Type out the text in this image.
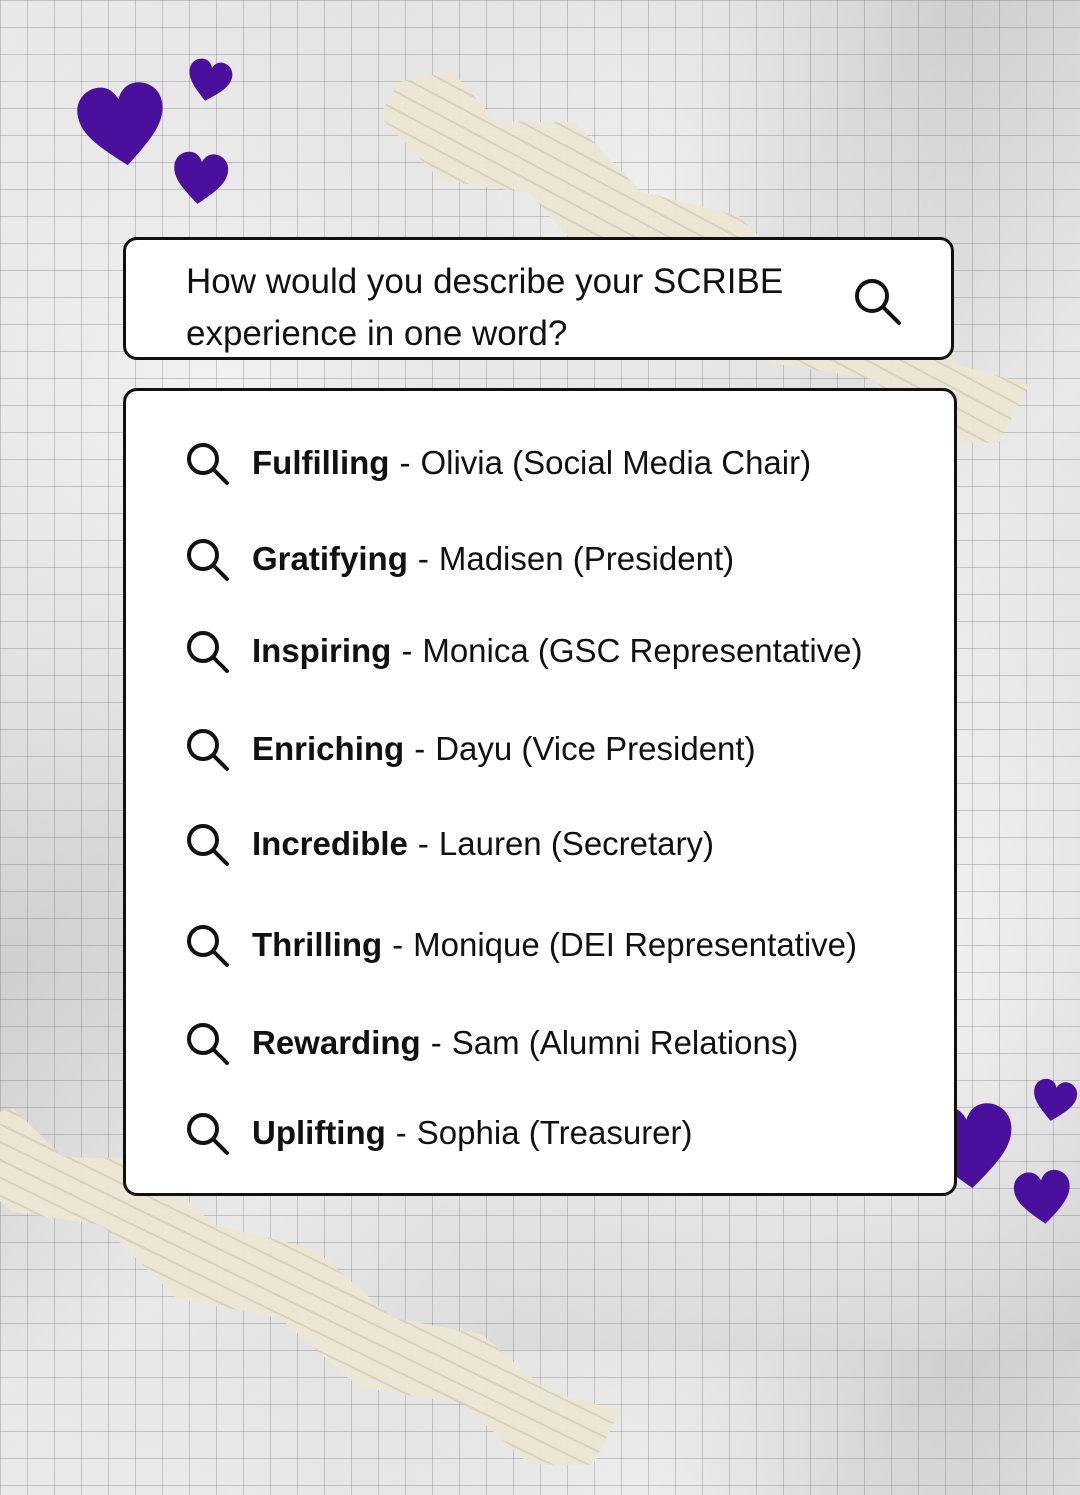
How would you describe your SCRIBE experience in one word?
Fulfilling - Olivia (Social Media Chair)
Gratifying - Madisen (President)
Inspiring - Monica (GSC Representative)
Enriching - Dayu (Vice President)
Incredible - Lauren (Secretary)
Thrilling - Monique (DEI Representative)
Rewarding - Sam (Alumni Relations)
Uplifting - Sophia (Treasurer)
